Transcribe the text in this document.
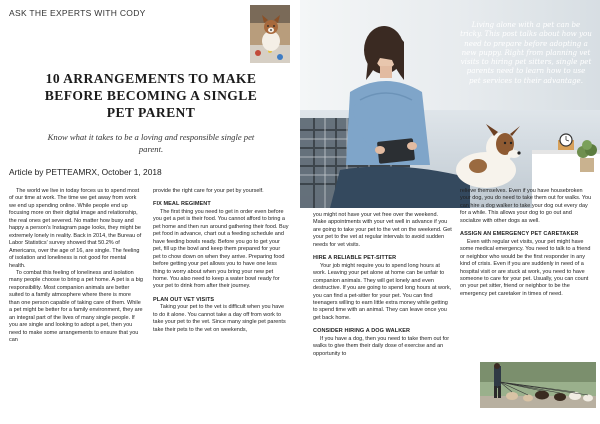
ASK THE EXPERTS WITH CODY
10 ARRANGEMENTS TO MAKE BEFORE BECOMING A SINGLE PET PARENT
Know what it takes to be a loving and responsible single pet parent.
Article by PETTEAMRX, October 1, 2018

The world we live in today forces us to spend most of our time at work. The time we get away from work we end up spending online. While people end up focusing more on their digital image and relationship, the real ones get severed. No matter how busy and happy a person's Instagram page looks, they might be extremely lonely in reality. Back in 2014, the Bureau of Labor Statistics' survey showed that 50.2% of Americans, over the age of 16, are single. The feeling of isolation and loneliness is not good for mental health.

To combat this feeling of loneliness and isolation many people choose to bring a pet home. A pet is a big responsibility. Most companion animals are better suited to a family atmosphere where there is more than one person capable of taking care of them. While a pet might be better for a family environment, they are an integral part of the lives of many single people. If you are single and looking to adopt a pet, then you need to make some arrangements to ensure that you can

provide the right care for your pet by yourself.

FIX MEAL REGIMENT

The first thing you need to get in order even before you get a pet is their food. You cannot afford to bring a pet home and then run around gathering their food. Buy pet food in advance, chart out a feeding schedule and have feeding bowls ready. Before you go to get your pet, fill up the bowl and keep them prepared for your pet to chow down on when they arrive. Preparing food before getting your pet allows you to have one less thing to worry about when you bring your new pet home. You also need to keep a water bowl ready for your pet to drink from after their journey.

PLAN OUT VET VISITS

Taking your pet to the vet is difficult when you have to do it alone. You cannot take a day off from work to take your pet to the vet. Since many single pet parents take their pets to the vet on weekends,

Living alone with a pet can be tricky. This post talks about how you need to prepare before adopting a new puppy. Right from planning vet visits to hiring pet sitters, single pet parents need to learn how to use pet services to their advantage.

you might not have your vet free over the weekend. Make appointments with your vet well in advance if you are going to take your pet to the vet on the weekend. Get your pet to the vet at regular intervals to avoid sudden needs for vet visits.

HIRE A RELIABLE PET-SITTER

Your job might require you to spend long hours at work. Leaving your pet alone at home can be unfair to companion animals. They will get lonely and even destructive. If you are going to spend long hours at work, you can find a pet-sitter for your pet. You can find teenagers willing to earn little extra money while getting to spend time with an animal. They can leave once you get back home.

CONSIDER HIRING A DOG WALKER

If you have a dog, then you need to take them out for walks to give them their daily dose of exercise and an opportunity to

relieve themselves. Even if you have housebroken your dog, you do need to take them out for walks. You can hire a dog walker to take your dog out every day for a while. This allows your dog to go out and socialize with other dogs as well.

ASSIGN AN EMERGENCY PET CARETAKER

Even with regular vet visits, your pet might have some medical emergency. You need to talk to a friend or neighbor who would be the first responder in any kind of crisis. Even if you are suddenly in need of a hospital visit or are stuck at work, you need to have someone to care for your pet. Usually, you can count on your pet sitter, friend or neighbor to be the emergency pet caretaker in times of need.
